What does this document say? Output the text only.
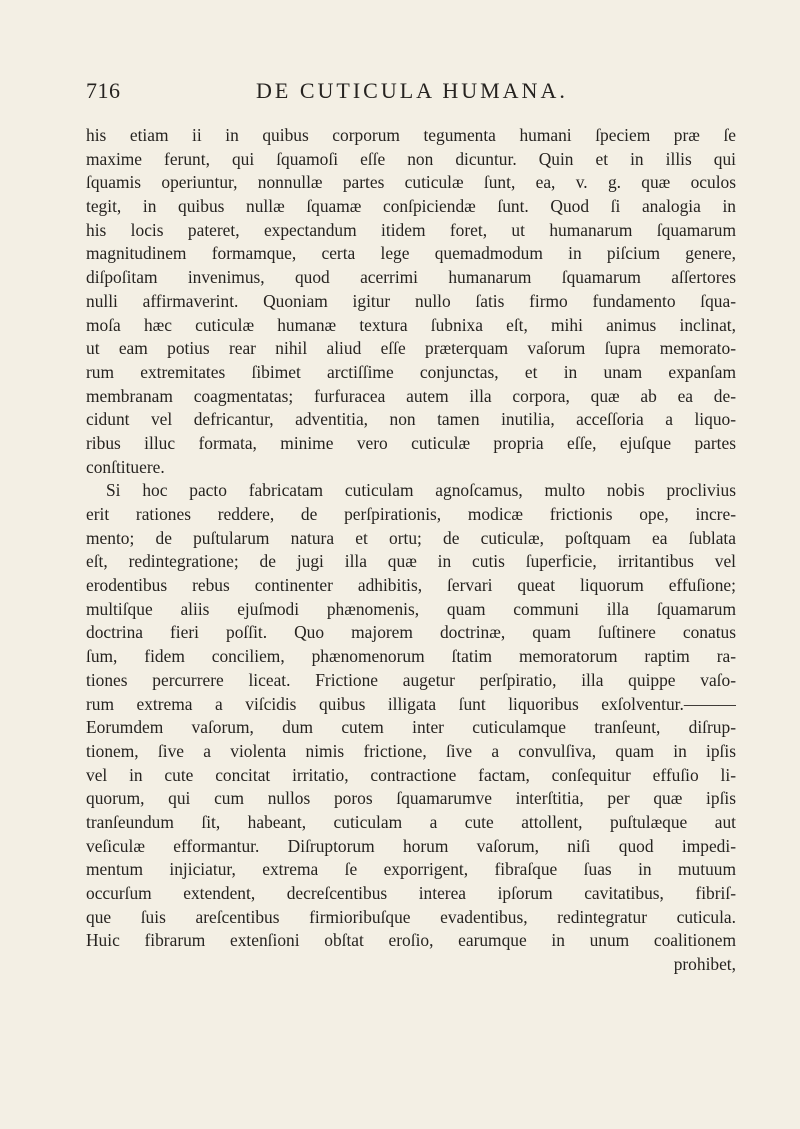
716	DE CUTICULA HUMANA.
his etiam ii in quibus corporum tegumenta humani ſpeciem præ ſe
maxime ferunt, qui ſquamoſi eſſe non dicuntur. Quin et in illis qui
ſquamis operiuntur, nonnullæ partes cuticulæ ſunt, ea, v. g. quæ oculos
tegit, in quibus nullæ ſquamæ conſpiciendæ ſunt. Quod ſi analogia in
his locis pateret, expectandum itidem foret, ut humanarum ſquamarum
magnitudinem formamque, certa lege quemadmodum in piſcium genere,
diſpoſitam invenimus, quod acerrimi humanarum ſquamarum aſſertores
nulli affirmaverint. Quoniam igitur nullo ſatis firmo fundamento ſqua-
moſa hæc cuticulæ humanæ textura ſubnixa eſt, mihi animus inclinat,
ut eam potius rear nihil aliud eſſe præterquam vaſorum ſupra memorato-
rum extremitates ſibimet arctiſſime conjunctas, et in unam expanſam
membranam coagmentatas; furfuracea autem illa corpora, quæ ab ea de-
cidunt vel defricantur, adventitia, non tamen inutilia, acceſſoria a liquo-
ribus illuc formata, minime vero cuticulæ propria eſſe, ejuſque partes
conſtituere.
Si hoc pacto fabricatam cuticulam agnoſcamus, multo nobis proclivius
erit rationes reddere, de perſpirationis, modicæ frictionis ope, incre-
mento; de puſtularum natura et ortu; de cuticulæ, poſtquam ea ſublata
eſt, redintegratione; de jugi illa quæ in cutis ſuperficie, irritantibus vel
erodentibus rebus continenter adhibitis, ſervari queat liquorum effuſione;
multiſque aliis ejuſmodi phænomenis, quam communi illa ſquamarum
doctrina fieri poſſit. Quo majorem doctrinæ, quam ſuſtinere conatus
ſum, fidem conciliem, phænomenorum ſtatim memoratorum raptim ra-
tiones percurrere liceat. Frictione augetur perſpiratio, illa quippe vaſo-
rum extrema a viſcidis quibus illigata ſunt liquoribus exſolventur.———
Eorumdem vaſorum, dum cutem inter cuticulamque tranſeunt, diſrup-
tionem, ſive a violenta nimis frictione, ſive a convulſiva, quam in ipſis
vel in cute concitat irritatio, contractione factam, conſequitur effuſio li-
quorum, qui cum nullos poros ſquamarumve interſtitia, per quæ ipſis
tranſeundum ſit, habeant, cuticulam a cute attollent, puſtulæque aut
veſiculæ efformantur. Diſruptorum horum vaſorum, niſi quod impedi-
mentum injiciatur, extrema ſe exporrigent, fibraſque ſuas in mutuum
occurſum extendent, decreſcentibus interea ipſorum cavitatibus, fibriſ-
que ſuis areſcentibus firmioribuſque evadentibus, redintegratur cuticula.
Huic fibrarum extenſioni obſtat eroſio, earumque in unum coalitionem
prohibet,
